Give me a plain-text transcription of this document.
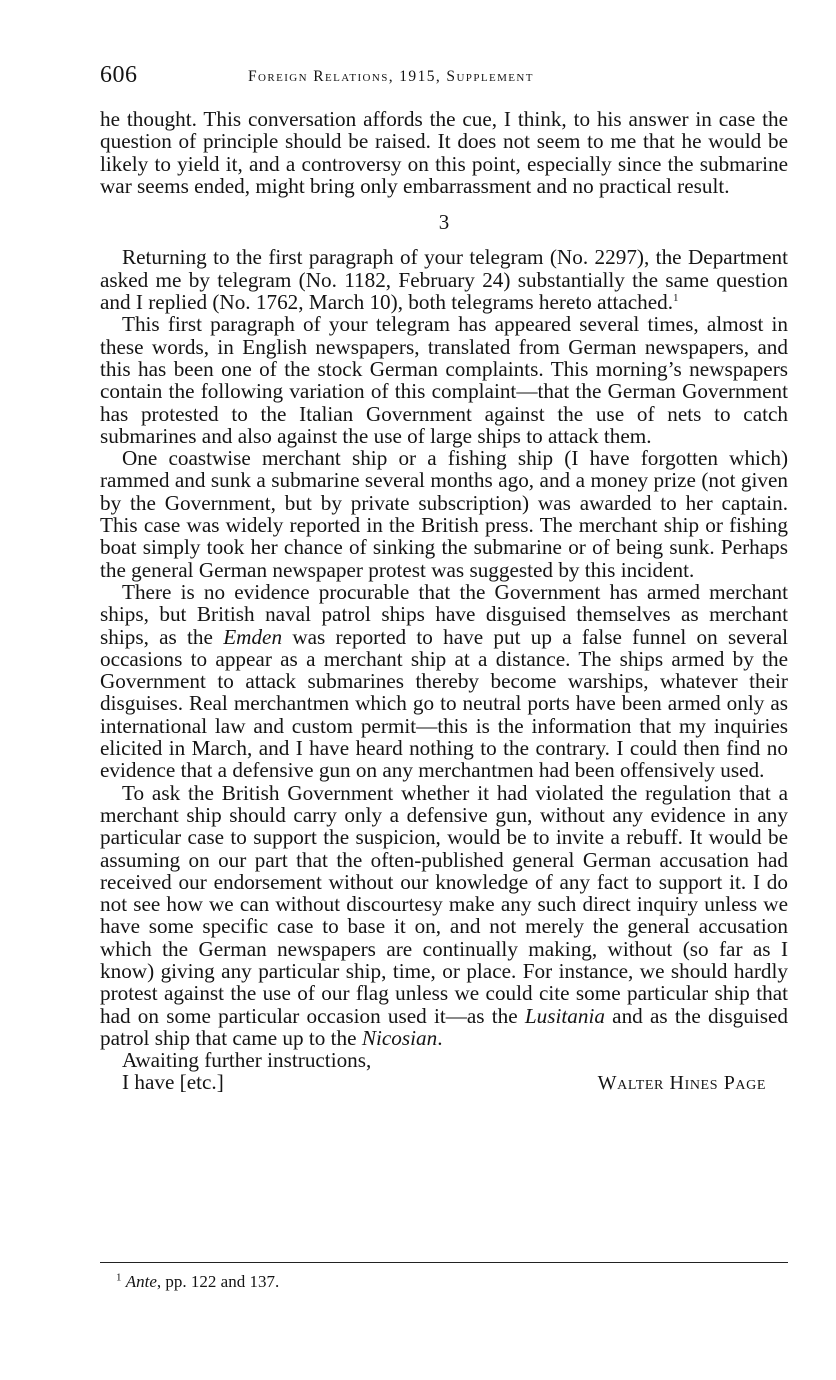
606	Foreign Relations, 1915, Supplement

he thought. This conversation affords the cue, I think, to his answer in case the question of principle should be raised. It does not seem to me that he would be likely to yield it, and a controversy on this point, especially since the submarine war seems ended, might bring only embarrassment and no practical result.

3

Returning to the first paragraph of your telegram (No. 2297), the Department asked me by telegram (No. 1182, February 24) substantially the same question and I replied (No. 1762, March 10), both telegrams hereto attached.$^1$

This first paragraph of your telegram has appeared several times, almost in these words, in English newspapers, translated from German newspapers, and this has been one of the stock German complaints. This morning’s newspapers contain the following variation of this complaint—that the German Government has protested to the Italian Government against the use of nets to catch submarines and also against the use of large ships to attack them.

One coastwise merchant ship or a fishing ship (I have forgotten which) rammed and sunk a submarine several months ago, and a money prize (not given by the Government, but by private subscription) was awarded to her captain. This case was widely reported in the British press. The merchant ship or fishing boat simply took her chance of sinking the submarine or of being sunk. Perhaps the general German newspaper protest was suggested by this incident.

There is no evidence procurable that the Government has armed merchant ships, but British naval patrol ships have disguised themselves as merchant ships, as the Emden was reported to have put up a false funnel on several occasions to appear as a merchant ship at a distance. The ships armed by the Government to attack submarines thereby become warships, whatever their disguises. Real merchantmen which go to neutral ports have been armed only as international law and custom permit—this is the information that my inquiries elicited in March, and I have heard nothing to the contrary. I could then find no evidence that a defensive gun on any merchantmen had been offensively used.

To ask the British Government whether it had violated the regulation that a merchant ship should carry only a defensive gun, without any evidence in any particular case to support the suspicion, would be to invite a rebuff. It would be assuming on our part that the often-published general German accusation had received our endorsement without our knowledge of any fact to support it. I do not see how we can without discourtesy make any such direct inquiry unless we have some specific case to base it on, and not merely the general accusation which the German newspapers are continually making, without (so far as I know) giving any particular ship, time, or place. For instance, we should hardly protest against the use of our flag unless we could cite some particular ship that had on some particular occasion used it—as the Lusitania and as the disguised patrol ship that came up to the Nicosian.

Awaiting further instructions,
I have [etc.]	Walter Hines Page
$^1$ Ante, pp. 122 and 137.
